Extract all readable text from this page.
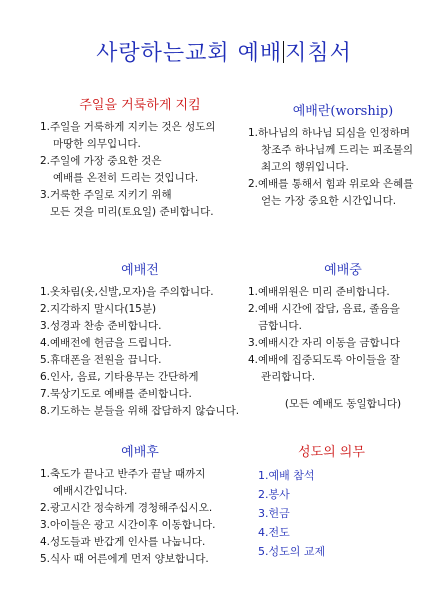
사랑하는교회 예배 지침서
주일을 거룩하게 지킴
1.주일을 거룩하게 지키는 것은 성도의
마땅한 의무입니다.
2.주일에 가장 중요한 것은
예배를 온전히 드리는 것입니다.
3.거룩한 주일로 지키기 위해
모든 것을 미리(토요일) 준비합니다.
예배란(worship)
1.하나님의 하나님 되심을 인정하며
창조주 하나님께 드리는 피조물의
최고의 행위입니다.
2.예배를 통해서 힘과 위로와 은혜를
얻는 가장 중요한 시간입니다.
예배전
1.옷차림(옷,신발,모자)을 주의합니다.
2.지각하지 말시다(15분)
3.성경과 찬송 준비합니다.
4.예배전에 헌금을 드립니다.
5.휴대폰을 전원을 끕니다.
6.인사, 음료, 기타용무는 간단하게
7.묵상기도로 예배를 준비합니다.
8.기도하는 분들을 위해 잡담하지 않습니다.
예배중
1.예배위원은 미리 준비합니다.
2.예배 시간에 잡담, 음료, 졸음을
금합니다.
3.예배시간 자리 이동을 금합니다
4.예배에 집중되도록 아이들을 잘
관리합니다.
(모든 예배도 동일합니다)
예배후
1.축도가 끝나고 반주가 끝날 때까지
예배시간입니다.
2.광고시간 정숙하게 경청해주십시오.
3.아이들은 광고 시간이후 이동합니다.
4.성도들과 반갑게 인사를 나눕니다.
5.식사 때 어른에게 먼저 양보합니다.
성도의 의무
1.예배 참석
2.봉사
3.헌금
4.전도
5.성도의 교제
